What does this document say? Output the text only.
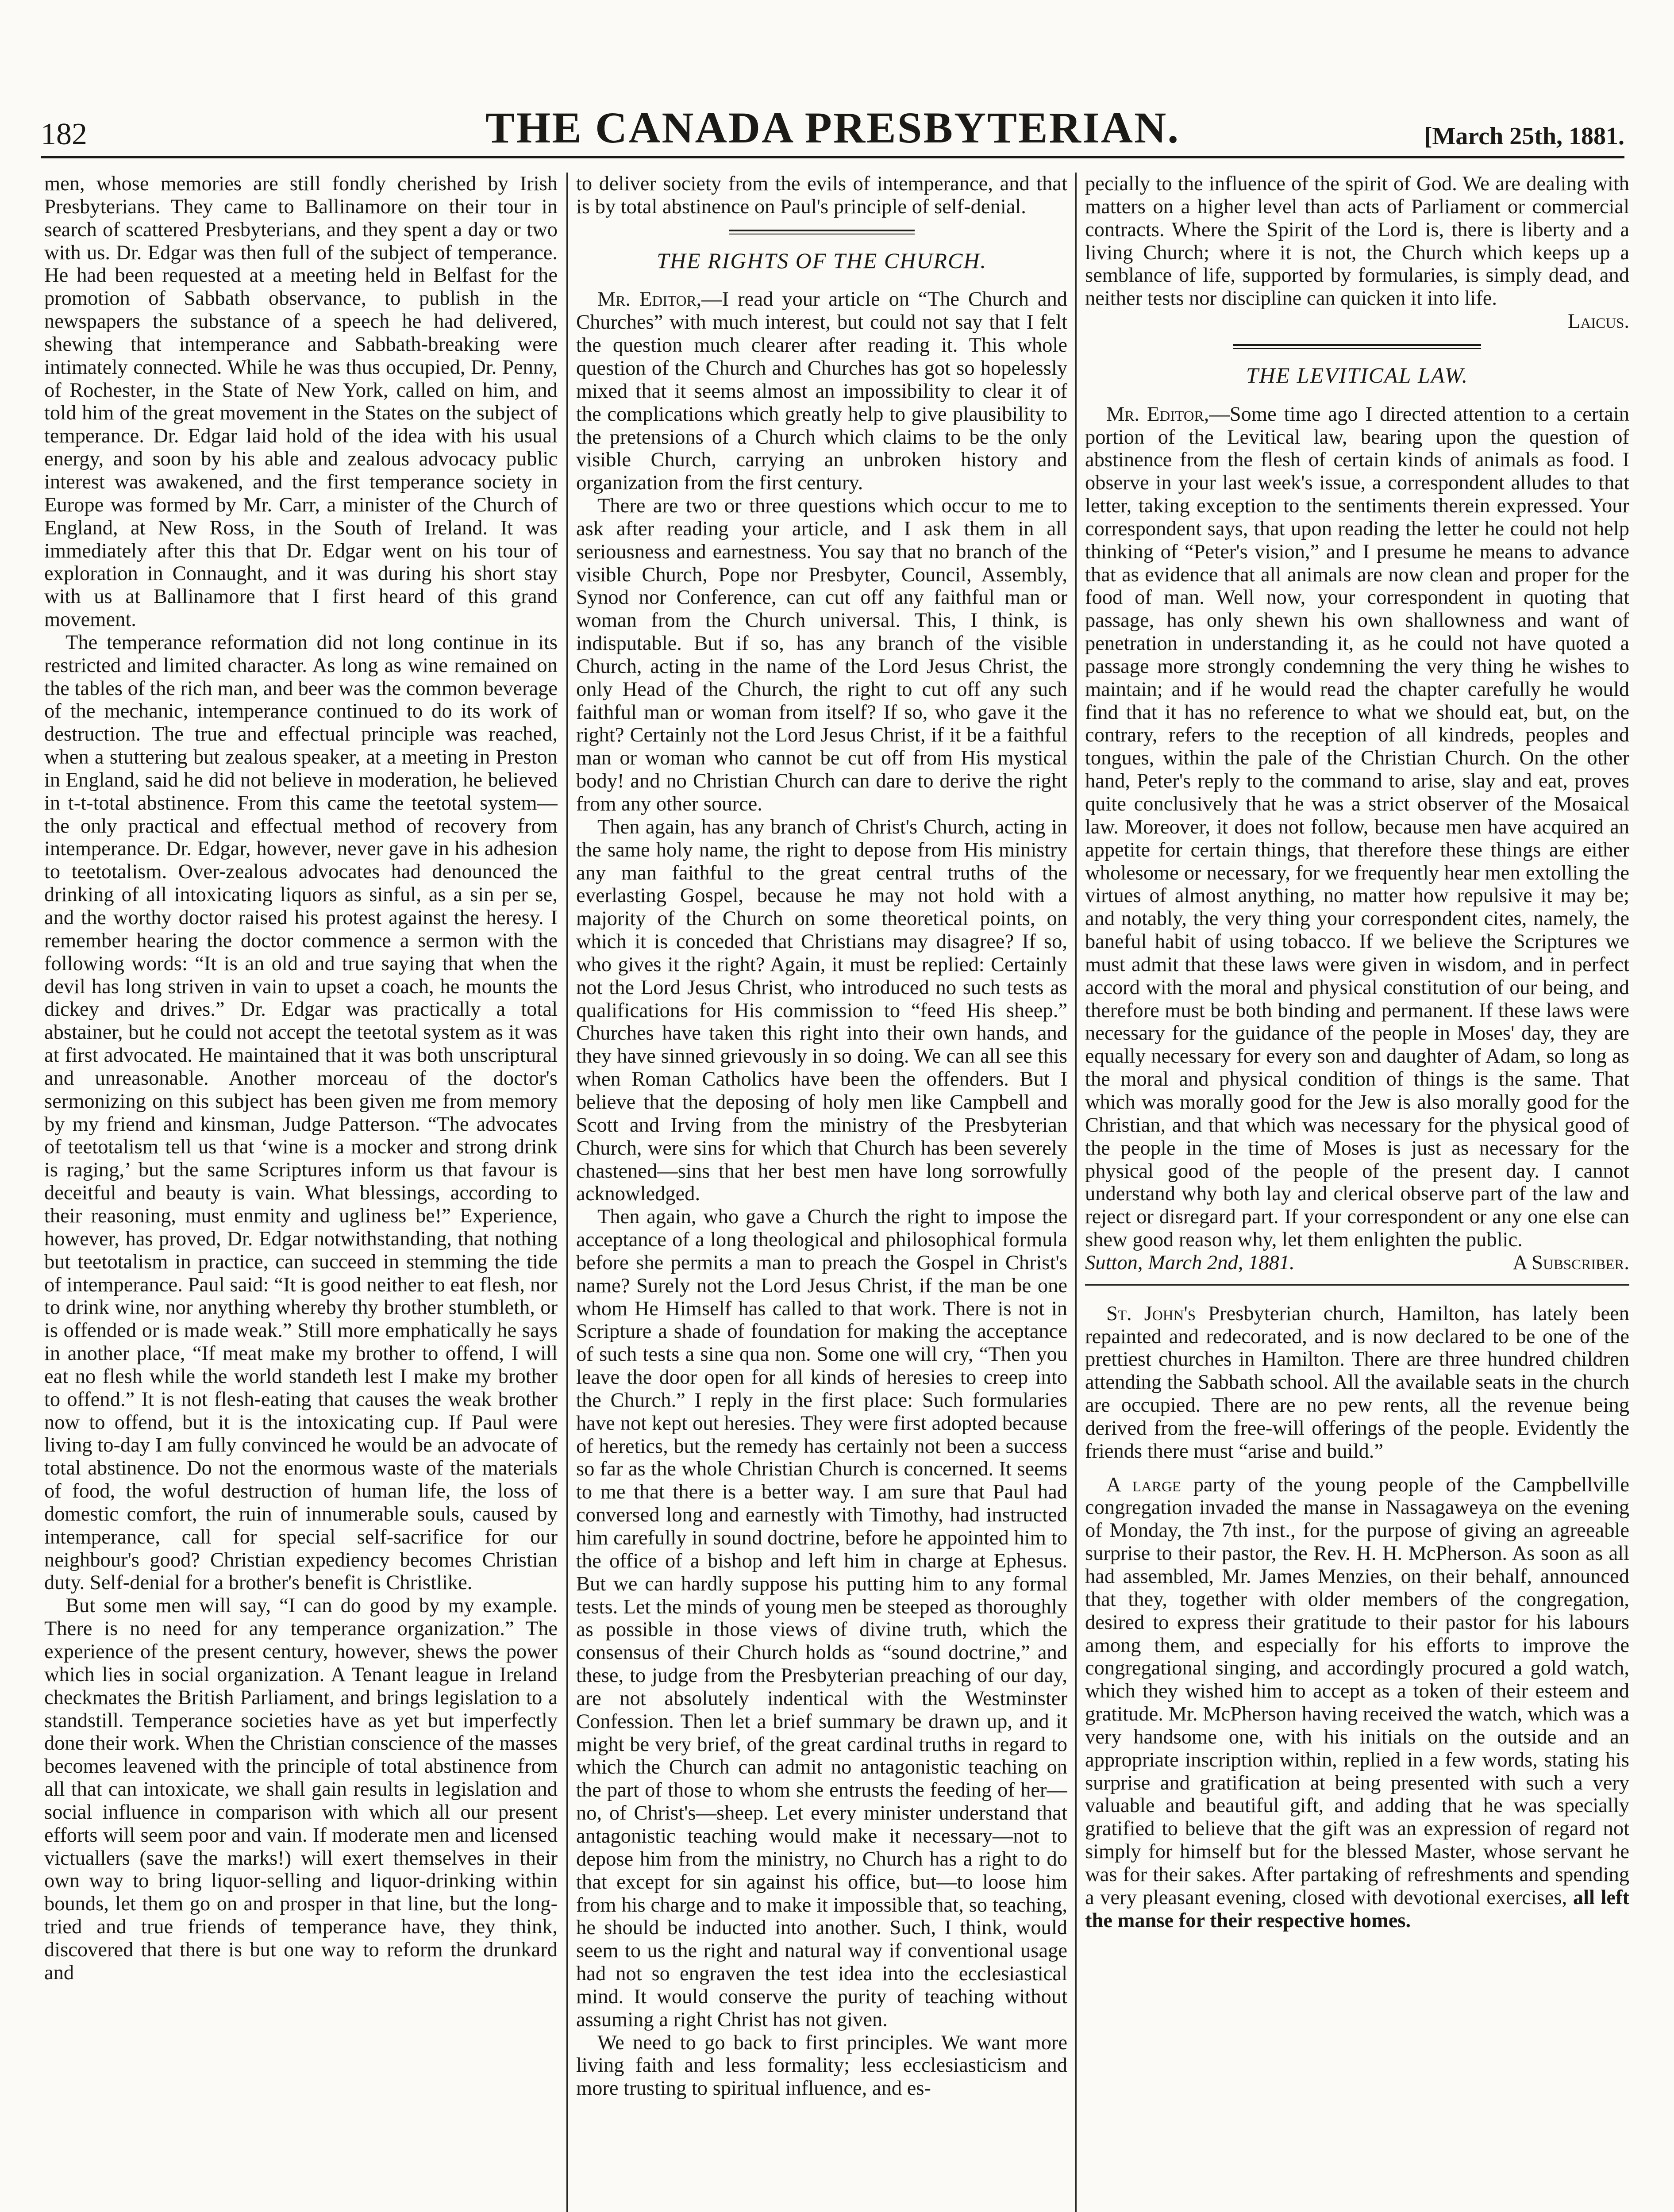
182	THE CANADA PRESBYTERIAN.	[March 25th, 1881.

men, whose memories are still fondly cherished by Irish Presbyterians. They came to Ballinamore on their tour in search of scattered Presbyterians, and they spent a day or two with us. Dr. Edgar was then full of the subject of temperance. He had been requested at a meeting held in Belfast for the promotion of Sabbath observance, to publish in the newspapers the substance of a speech he had delivered, shewing that intemperance and Sabbath-breaking were intimately connected. While he was thus occupied, Dr. Penny, of Rochester, in the State of New York, called on him, and told him of the great movement in the States on the subject of temperance. Dr. Edgar laid hold of the idea with his usual energy, and soon by his able and zealous advocacy public interest was awakened, and the first temperance society in Europe was formed by Mr. Carr, a minister of the Church of England, at New Ross, in the South of Ireland. It was immediately after this that Dr. Edgar went on his tour of exploration in Connaught, and it was during his short stay with us at Ballinamore that I first heard of this grand movement.

The temperance reformation did not long continue in its restricted and limited character. As long as wine remained on the tables of the rich man, and beer was the common beverage of the mechanic, intemperance continued to do its work of destruction. The true and effectual principle was reached, when a stuttering but zealous speaker, at a meeting in Preston in England, said he did not believe in moderation, he believed in t-t-total abstinence. From this came the teetotal system—the only practical and effectual method of recovery from intemperance. Dr. Edgar, however, never gave in his adhesion to teetotalism. Over-zealous advocates had denounced the drinking of all intoxicating liquors as sinful, as a sin per se, and the worthy doctor raised his protest against the heresy. I remember hearing the doctor commence a sermon with the following words: “It is an old and true saying that when the devil has long striven in vain to upset a coach, he mounts the dickey and drives.” Dr. Edgar was practically a total abstainer, but he could not accept the teetotal system as it was at first advocated. He maintained that it was both unscriptural and unreasonable. Another morceau of the doctor's sermonizing on this subject has been given me from memory by my friend and kinsman, Judge Patterson. “The advocates of teetotalism tell us that ‘wine is a mocker and strong drink is raging,’ but the same Scriptures inform us that favour is deceitful and beauty is vain. What blessings, according to their reasoning, must enmity and ugliness be!” Experience, however, has proved, Dr. Edgar notwithstanding, that nothing but teetotalism in practice, can succeed in stemming the tide of intemperance. Paul said: “It is good neither to eat flesh, nor to drink wine, nor anything whereby thy brother stumbleth, or is offended or is made weak.” Still more emphatically he says in another place, “If meat make my brother to offend, I will eat no flesh while the world standeth lest I make my brother to offend.” It is not flesh-eating that causes the weak brother now to offend, but it is the intoxicating cup. If Paul were living to-day I am fully convinced he would be an advocate of total abstinence. Do not the enormous waste of the materials of food, the woful destruction of human life, the loss of domestic comfort, the ruin of innumerable souls, caused by intemperance, call for special self-sacrifice for our neighbour's good? Christian expediency becomes Christian duty. Self-denial for a brother's benefit is Christlike.

But some men will say, “I can do good by my example. There is no need for any temperance organization.” The experience of the present century, however, shews the power which lies in social organization. A Tenant league in Ireland checkmates the British Parliament, and brings legislation to a standstill. Temperance societies have as yet but imperfectly done their work. When the Christian conscience of the masses becomes leavened with the principle of total abstinence from all that can intoxicate, we shall gain results in legislation and social influence in comparison with which all our present efforts will seem poor and vain. If moderate men and licensed victuallers (save the marks!) will exert themselves in their own way to bring liquor-selling and liquor-drinking within bounds, let them go on and prosper in that line, but the long-tried and true friends of temperance have, they think, discovered that there is but one way to reform the drunkard and

to deliver society from the evils of intemperance, and that is by total abstinence on Paul's principle of self-denial.

THE RIGHTS OF THE CHURCH.

Mr. Editor,—I read your article on “The Church and Churches” with much interest, but could not say that I felt the question much clearer after reading it. This whole question of the Church and Churches has got so hopelessly mixed that it seems almost an impossibility to clear it of the complications which greatly help to give plausibility to the pretensions of a Church which claims to be the only visible Church, carrying an unbroken history and organization from the first century.

There are two or three questions which occur to me to ask after reading your article, and I ask them in all seriousness and earnestness. You say that no branch of the visible Church, Pope nor Presbyter, Council, Assembly, Synod nor Conference, can cut off any faithful man or woman from the Church universal. This, I think, is indisputable. But if so, has any branch of the visible Church, acting in the name of the Lord Jesus Christ, the only Head of the Church, the right to cut off any such faithful man or woman from itself? If so, who gave it the right? Certainly not the Lord Jesus Christ, if it be a faithful man or woman who cannot be cut off from His mystical body! and no Christian Church can dare to derive the right from any other source.

Then again, has any branch of Christ's Church, acting in the same holy name, the right to depose from His ministry any man faithful to the great central truths of the everlasting Gospel, because he may not hold with a majority of the Church on some theoretical points, on which it is conceded that Christians may disagree? If so, who gives it the right? Again, it must be replied: Certainly not the Lord Jesus Christ, who introduced no such tests as qualifications for His commission to “feed His sheep.” Churches have taken this right into their own hands, and they have sinned grievously in so doing. We can all see this when Roman Catholics have been the offenders. But I believe that the deposing of holy men like Campbell and Scott and Irving from the ministry of the Presbyterian Church, were sins for which that Church has been severely chastened—sins that her best men have long sorrowfully acknowledged.

Then again, who gave a Church the right to impose the acceptance of a long theological and philosophical formula before she permits a man to preach the Gospel in Christ's name? Surely not the Lord Jesus Christ, if the man be one whom He Himself has called to that work. There is not in Scripture a shade of foundation for making the acceptance of such tests a sine qua non. Some one will cry, “Then you leave the door open for all kinds of heresies to creep into the Church.” I reply in the first place: Such formularies have not kept out heresies. They were first adopted because of heretics, but the remedy has certainly not been a success so far as the whole Christian Church is concerned. It seems to me that there is a better way. I am sure that Paul had conversed long and earnestly with Timothy, had instructed him carefully in sound doctrine, before he appointed him to the office of a bishop and left him in charge at Ephesus. But we can hardly suppose his putting him to any formal tests. Let the minds of young men be steeped as thoroughly as possible in those views of divine truth, which the consensus of their Church holds as “sound doctrine,” and these, to judge from the Presbyterian preaching of our day, are not absolutely indentical with the Westminster Confession. Then let a brief summary be drawn up, and it might be very brief, of the great cardinal truths in regard to which the Church can admit no antagonistic teaching on the part of those to whom she entrusts the feeding of her—no, of Christ's—sheep. Let every minister understand that antagonistic teaching would make it necessary—not to depose him from the ministry, no Church has a right to do that except for sin against his office, but—to loose him from his charge and to make it impossible that, so teaching, he should be inducted into another. Such, I think, would seem to us the right and natural way if conventional usage had not so engraven the test idea into the ecclesiastical mind. It would conserve the purity of teaching without assuming a right Christ has not given.

We need to go back to first principles. We want more living faith and less formality; less ecclesiasticism and more trusting to spiritual influence, and es-

pecially to the influence of the spirit of God. We are dealing with matters on a higher level than acts of Parliament or commercial contracts. Where the Spirit of the Lord is, there is liberty and a living Church; where it is not, the Church which keeps up a semblance of life, supported by formularies, is simply dead, and neither tests nor discipline can quicken it into life.

Laicus.
THE LEVITICAL LAW.

Mr. Editor,—Some time ago I directed attention to a certain portion of the Levitical law, bearing upon the question of abstinence from the flesh of certain kinds of animals as food. I observe in your last week's issue, a correspondent alludes to that letter, taking exception to the sentiments therein expressed. Your correspondent says, that upon reading the letter he could not help thinking of “Peter's vision,” and I presume he means to advance that as evidence that all animals are now clean and proper for the food of man. Well now, your correspondent in quoting that passage, has only shewn his own shallowness and want of penetration in understanding it, as he could not have quoted a passage more strongly condemning the very thing he wishes to maintain; and if he would read the chapter carefully he would find that it has no reference to what we should eat, but, on the contrary, refers to the reception of all kindreds, peoples and tongues, within the pale of the Christian Church. On the other hand, Peter's reply to the command to arise, slay and eat, proves quite conclusively that he was a strict observer of the Mosaical law. Moreover, it does not follow, because men have acquired an appetite for certain things, that therefore these things are either wholesome or necessary, for we frequently hear men extolling the virtues of almost anything, no matter how repulsive it may be; and notably, the very thing your correspondent cites, namely, the baneful habit of using tobacco. If we believe the Scriptures we must admit that these laws were given in wisdom, and in perfect accord with the moral and physical constitution of our being, and therefore must be both binding and permanent. If these laws were necessary for the guidance of the people in Moses' day, they are equally necessary for every son and daughter of Adam, so long as the moral and physical condition of things is the same. That which was morally good for the Jew is also morally good for the Christian, and that which was necessary for the physical good of the people in the time of Moses is just as necessary for the physical good of the people of the present day. I cannot understand why both lay and clerical observe part of the law and reject or disregard part. If your correspondent or any one else can shew good reason why, let them enlighten the public.

Sutton, March 2nd, 1881.	A Subscriber.

St. John's Presbyterian church, Hamilton, has lately been repainted and redecorated, and is now declared to be one of the prettiest churches in Hamilton. There are three hundred children attending the Sabbath school. All the available seats in the church are occupied. There are no pew rents, all the revenue being derived from the free-will offerings of the people. Evidently the friends there must “arise and build.”

A large party of the young people of the Campbellville congregation invaded the manse in Nassagaweya on the evening of Monday, the 7th inst., for the purpose of giving an agreeable surprise to their pastor, the Rev. H. H. McPherson. As soon as all had assembled, Mr. James Menzies, on their behalf, announced that they, together with older members of the congregation, desired to express their gratitude to their pastor for his labours among them, and especially for his efforts to improve the congregational singing, and accordingly procured a gold watch, which they wished him to accept as a token of their esteem and gratitude. Mr. McPherson having received the watch, which was a very handsome one, with his initials on the outside and an appropriate inscription within, replied in a few words, stating his surprise and gratification at being presented with such a very valuable and beautiful gift, and adding that he was specially gratified to believe that the gift was an expression of regard not simply for himself but for the blessed Master, whose servant he was for their sakes. After partaking of refreshments and spending a very pleasant evening, closed with devotional exercises, all left the manse for their respective homes.
